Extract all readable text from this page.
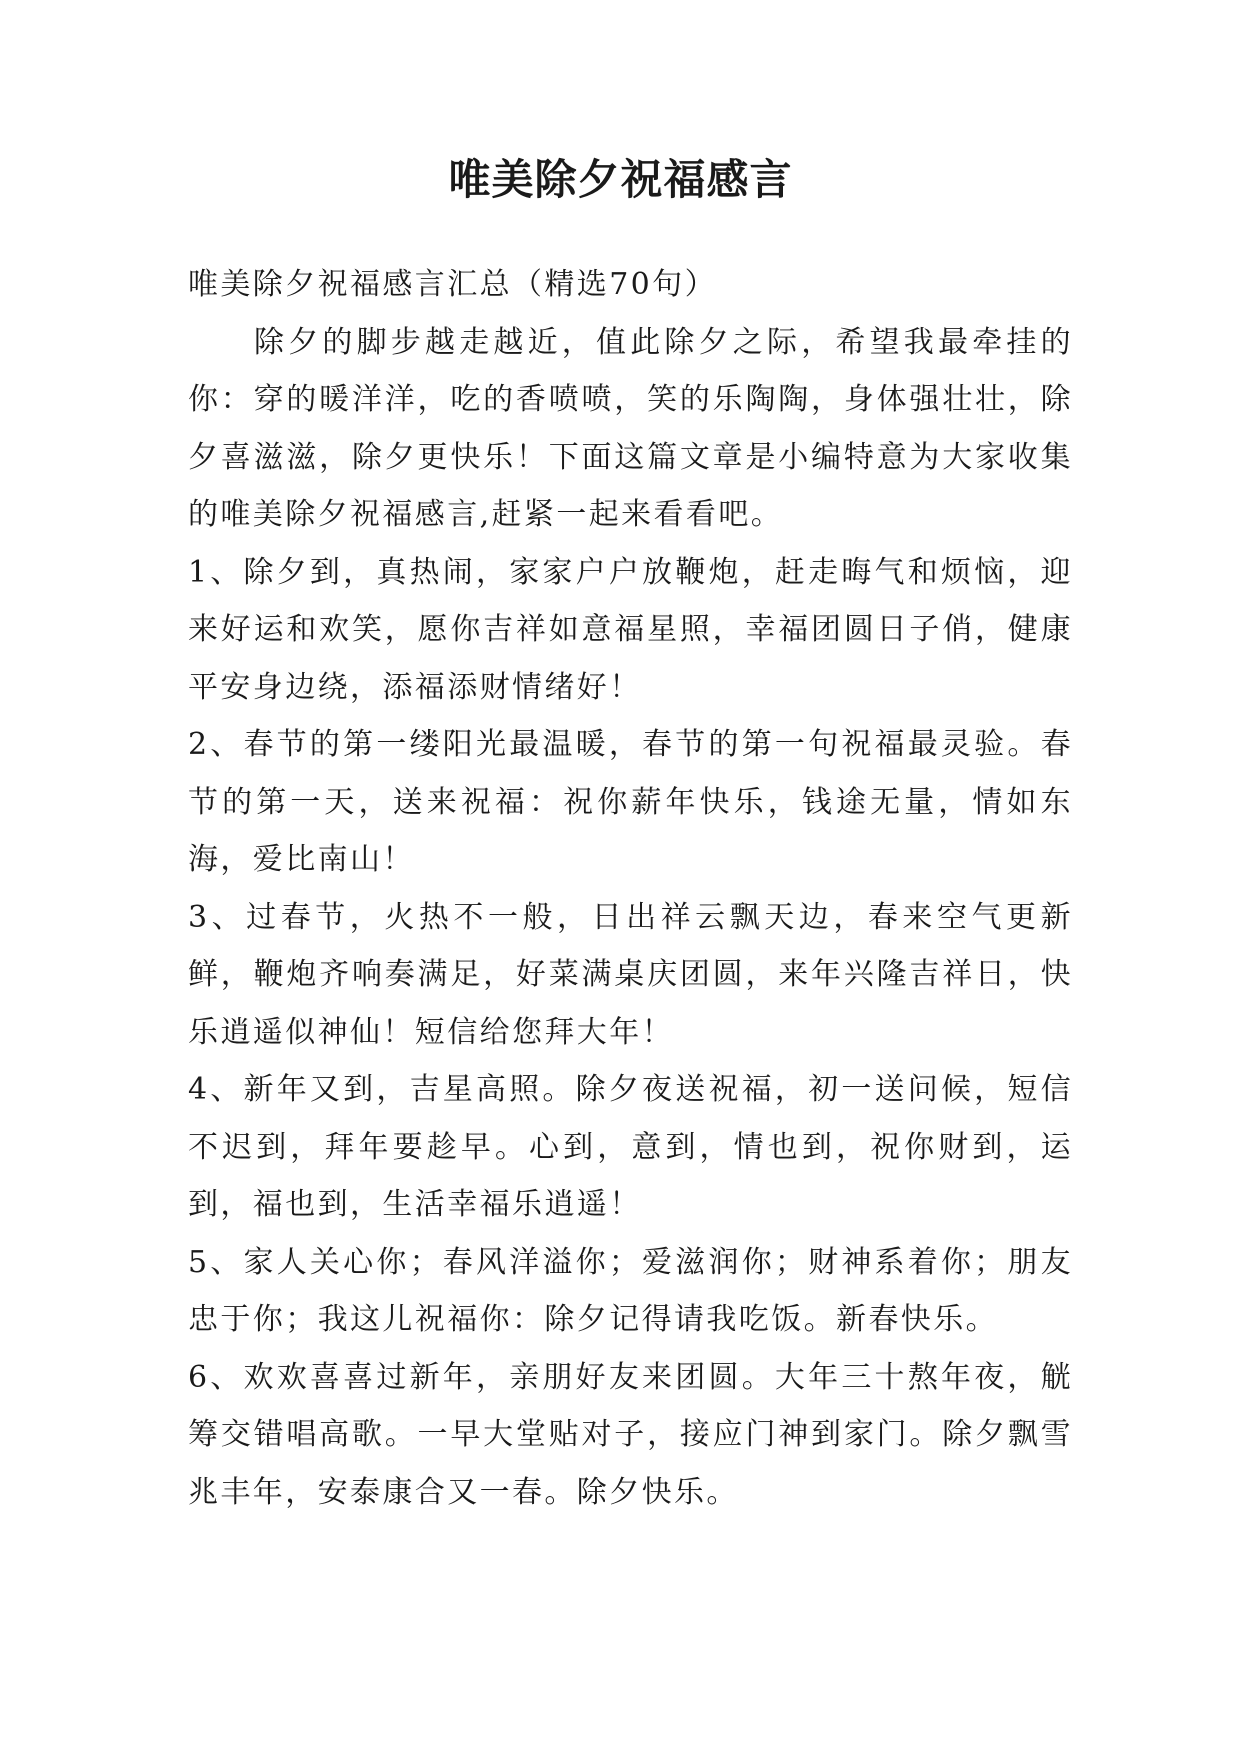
唯美除夕祝福感言

唯美除夕祝福感言汇总（精选70句）

除夕的脚步越走越近，值此除夕之际，希望我最牵挂的你：穿的暖洋洋，吃的香喷喷，笑的乐陶陶，身体强壮壮，除夕喜滋滋，除夕更快乐！下面这篇文章是小编特意为大家收集的唯美除夕祝福感言,赶紧一起来看看吧。

1、除夕到，真热闹，家家户户放鞭炮，赶走晦气和烦恼，迎来好运和欢笑，愿你吉祥如意福星照，幸福团圆日子俏，健康平安身边绕，添福添财情绪好！

2、春节的第一缕阳光最温暖，春节的第一句祝福最灵验。春节的第一天，送来祝福：祝你薪年快乐，钱途无量，情如东海，爱比南山！

3、过春节，火热不一般，日出祥云飘天边，春来空气更新鲜，鞭炮齐响奏满足，好菜满桌庆团圆，来年兴隆吉祥日，快乐逍遥似神仙！短信给您拜大年！

4、新年又到，吉星高照。除夕夜送祝福，初一送问候，短信不迟到，拜年要趁早。心到，意到，情也到，祝你财到，运到，福也到，生活幸福乐逍遥！

5、家人关心你；春风洋溢你；爱滋润你；财神系着你；朋友忠于你；我这儿祝福你：除夕记得请我吃饭。新春快乐。

6、欢欢喜喜过新年，亲朋好友来团圆。大年三十熬年夜，觥筹交错唱高歌。一早大堂贴对子，接应门神到家门。除夕飘雪兆丰年，安泰康合又一春。除夕快乐。
